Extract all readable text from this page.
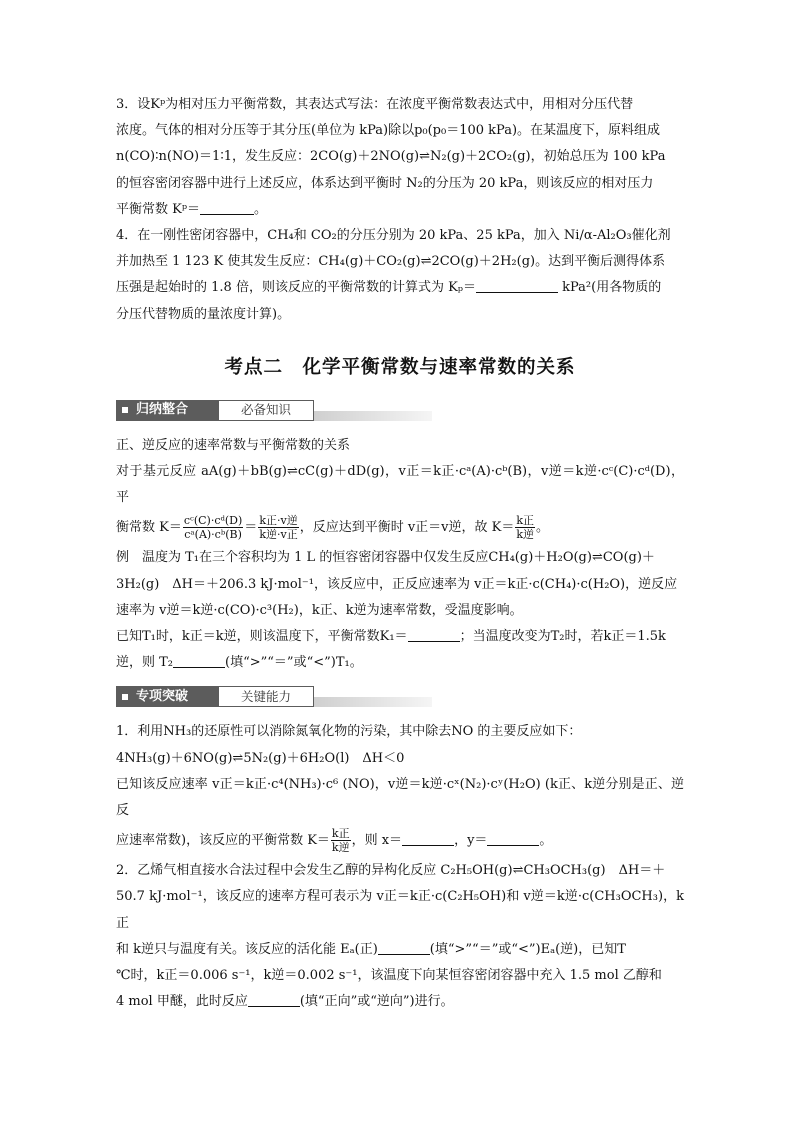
3．设Kᵖ为相对压力平衡常数，其表达式写法：在浓度平衡常数表达式中，用相对分压代替

浓度。气体的相对分压等于其分压(单位为 kPa)除以p₀(p₀＝100 kPa)。在某温度下，原料组成

n(CO)∶n(NO)＝1∶1，发生反应：2CO(g)＋2NO(g)⇌N₂(g)＋2CO₂(g)，初始总压为 100 kPa

的恒容密闭容器中进行上述反应，体系达到平衡时 N₂的分压为 20 kPa，则该反应的相对压力

平衡常数 Kᵖ＝	。

4．在一刚性密闭容器中，CH₄和 CO₂的分压分别为 20 kPa、25 kPa，加入 Ni/α-Al₂O₃催化剂

并加热至 1 123 K 使其发生反应：CH₄(g)＋CO₂(g)⇌2CO(g)＋2H₂(g)。达到平衡后测得体系

压强是起始时的 1.8 倍，则该反应的平衡常数的计算式为 Kₚ＝	kPa²(用各物质的

分压代替物质的量浓度计算)。

考点二　化学平衡常数与速率常数的关系
归纳整合	必备知识

正、逆反应的速率常数与平衡常数的关系

对于基元反应 aA(g)＋bB(g)⇌cC(g)＋dD(g)，v正＝k正·cᵃ(A)·cᵇ(B)，v逆＝k逆·cᶜ(C)·cᵈ(D)，平

衡常数 $K= \frac{\text{cᶜ(C)·cᵈ(D)}}{\text{cᵃ(A)·cᵇ(B)}} = \frac{\text{k正·v逆}}{\text{k逆·v正}}$ ，反应达到平衡时 v正＝v逆，故 $K= \frac{\text{k正}}{\text{k逆}}$ 。

例　温度为 T₁在三个容积均为 1 L 的恒容密闭容器中仅发生反应CH₄(g)＋H₂O(g)⇌CO(g)＋

3H₂(g)　ΔH＝＋206.3 kJ·mol⁻¹，该反应中，正反应速率为 v正＝k正·c(CH₄)·c(H₂O)，逆反应

速率为 v逆＝k逆·c(CO)·c³(H₂)，k正、k逆为速率常数，受温度影响。

已知T₁时，k正＝k逆，则该温度下，平衡常数K₁＝	；当温度改变为T₂时，若k正＝1.5k

逆，则 T₂	(填“>”“＝”或“<”)T₁。

专项突破	关键能力

1．利用NH₃的还原性可以消除氮氧化物的污染，其中除去NO 的主要反应如下：

4NH₃(g)＋6NO(g)⇌5N₂(g)＋6H₂O(l)　ΔH＜0

已知该反应速率 v正＝k正·c⁴(NH₃)·c⁶ (NO)，v逆＝k逆·cˣ(N₂)·cʸ(H₂O) (k正、k逆分别是正、逆反

应速率常数)，该反应的平衡常数 $K= \frac{\text{k正}}{\text{k逆}}$ ，则 x＝	，y＝	。

2．乙烯气相直接水合法过程中会发生乙醇的异构化反应 C₂H₅OH(g)⇌CH₃OCH₃(g)　ΔH＝＋

50.7 kJ·mol⁻¹，该反应的速率方程可表示为 v正＝k正·c(C₂H₅OH)和 v逆＝k逆·c(CH₃OCH₃)，k正

和 k逆只与温度有关。该反应的活化能 Eₐ(正)	(填“>”“＝”或“<”)Eₐ(逆)，已知T

℃时，k正＝0.006 s⁻¹，k逆＝0.002 s⁻¹，该温度下向某恒容密闭容器中充入 1.5 mol 乙醇和

4 mol 甲醚，此时反应	(填“正向”或“逆向”)进行。
